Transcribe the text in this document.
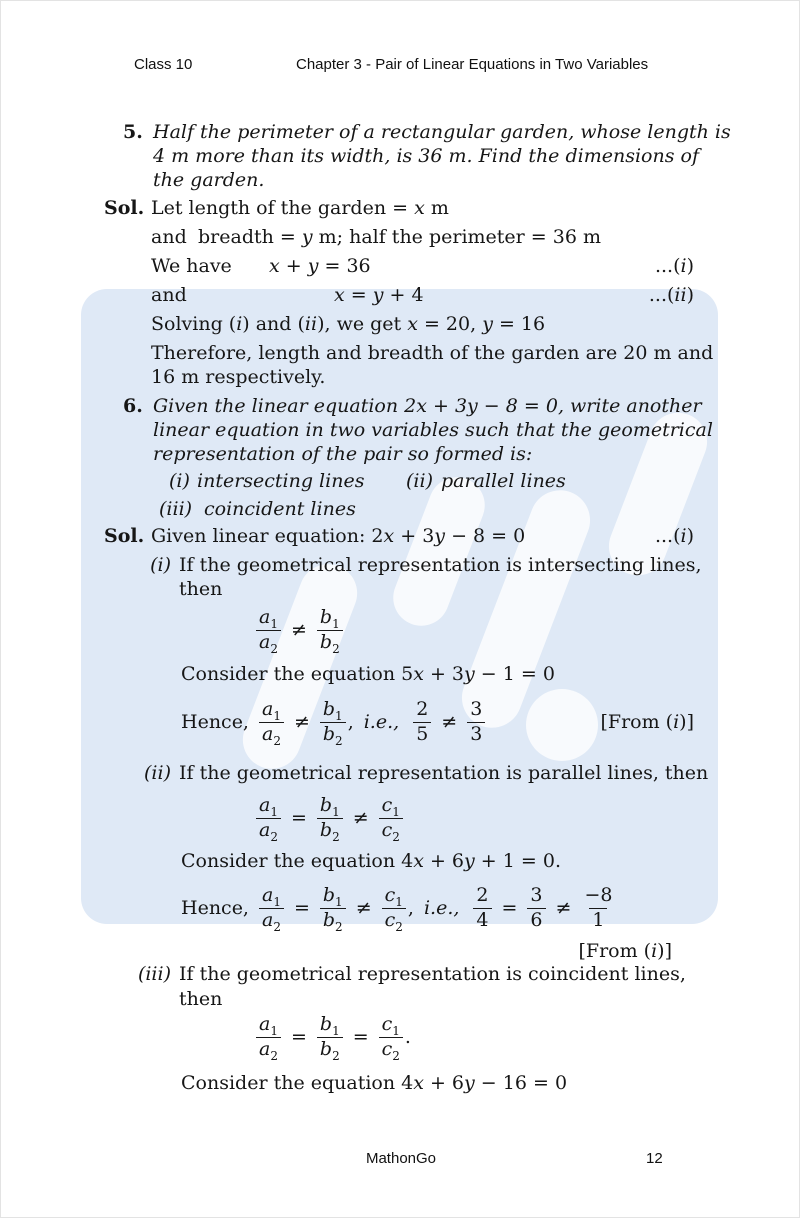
Class 10	Chapter 3 - Pair of Linear Equations in Two Variables
5. Half the perimeter of a rectangular garden, whose length is
4 m more than its width, is 36 m. Find the dimensions of
the garden.
Sol. Let length of the garden = x m
and breadth = y m; half the perimeter = 36 m
We have x + y = 36	...(i)
and	x = y + 4	...(ii)
Solving (i) and (ii), we get x = 20, y = 16
Therefore, length and breadth of the garden are 20 m and
16 m respectively.
6. Given the linear equation 2x + 3y − 8 = 0, write another
linear equation in two variables such that the geometrical
representation of the pair so formed is:
(i) intersecting lines (ii) parallel lines
(iii) coincident lines
Sol. Given linear equation: 2x + 3y − 8 = 0	...(i)
(i) If the geometrical representation is intersecting lines,
then
$\frac{a_1}{a_2} \ne \frac{b_1}{b_2}$
Consider the equation 5x + 3y − 1 = 0
Hence, $\frac{a_1}{a_2} \ne \frac{b_1}{b_2}$ , i.e., $\frac{2}{5} \ne \frac{3}{3}$	[From (i)]
(ii) If the geometrical representation is parallel lines, then
$\frac{a_1}{a_2} = \frac{b_1}{b_2} \ne \frac{c_1}{c_2}$
Consider the equation 4x + 6y + 1 = 0.
Hence, $\frac{a_1}{a_2} = \frac{b_1}{b_2} \ne \frac{c_1}{c_2}$ , i.e., $\frac{2}{4} = \frac{3}{6} \ne \frac{-8}{1}$
[From (i)]
(iii) If the geometrical representation is coincident lines,
then
$\frac{a_1}{a_2} = \frac{b_1}{b_2} = \frac{c_1}{c_2}$ .
Consider the equation 4x + 6y − 16 = 0
MathonGo	12
